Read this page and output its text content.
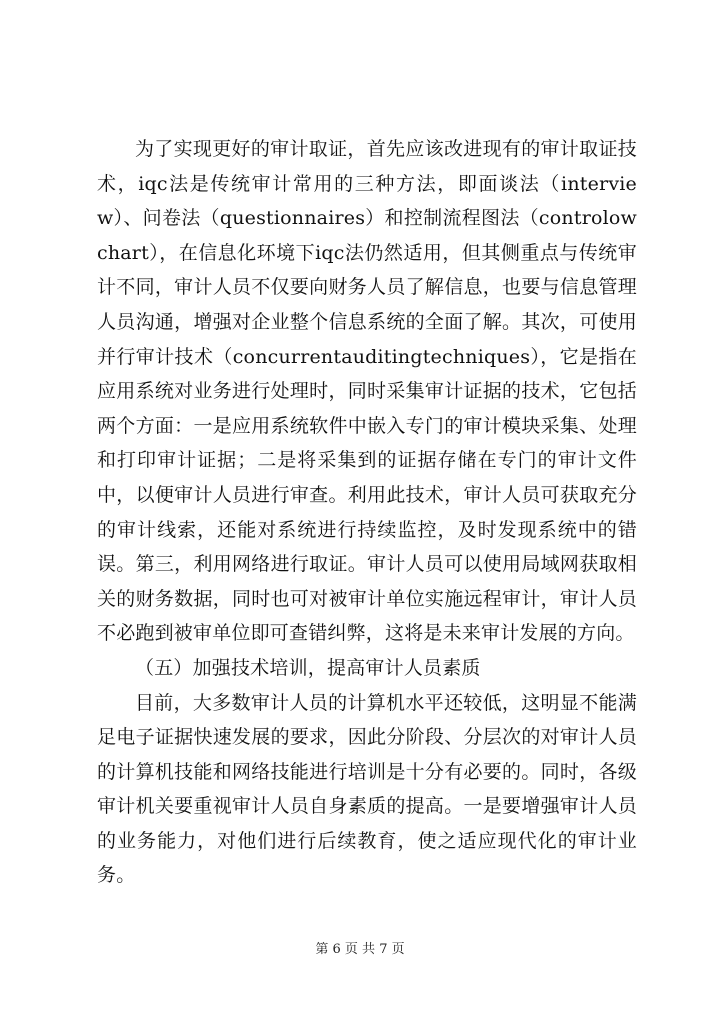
为了实现更好的审计取证，首先应该改进现有的审计取证技术，iqc法是传统审计常用的三种方法，即面谈法（interview）、问卷法（questionnaires）和控制流程图法（controlowchart），在信息化环境下iqc法仍然适用，但其侧重点与传统审计不同，审计人员不仅要向财务人员了解信息，也要与信息管理人员沟通，增强对企业整个信息系统的全面了解。其次，可使用并行审计技术（concurrentauditingtechniques），它是指在应用系统对业务进行处理时，同时采集审计证据的技术，它包括两个方面：一是应用系统软件中嵌入专门的审计模块采集、处理和打印审计证据；二是将采集到的证据存储在专门的审计文件中，以便审计人员进行审查。利用此技术，审计人员可获取充分的审计线索，还能对系统进行持续监控，及时发现系统中的错误。第三，利用网络进行取证。审计人员可以使用局域网获取相关的财务数据，同时也可对被审计单位实施远程审计，审计人员不必跑到被审单位即可查错纠弊，这将是未来审计发展的方向。

（五）加强技术培训，提高审计人员素质

目前，大多数审计人员的计算机水平还较低，这明显不能满足电子证据快速发展的要求，因此分阶段、分层次的对审计人员的计算机技能和网络技能进行培训是十分有必要的。同时，各级审计机关要重视审计人员自身素质的提高。一是要增强审计人员的业务能力，对他们进行后续教育，使之适应现代化的审计业务。

第 6 页 共 7 页
